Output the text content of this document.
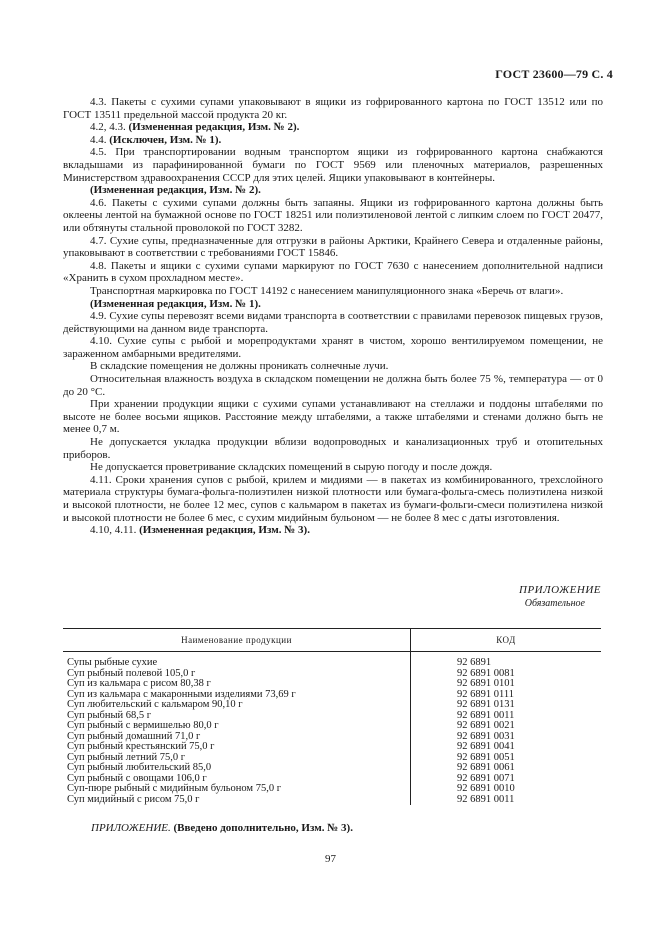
ГОСТ 23600—79 С. 4

4.3. Пакеты с сухими супами упаковывают в ящики из гофрированного картона по ГОСТ 13512 или по ГОСТ 13511 предельной массой продукта 20 кг.

4.2, 4.3. (Измененная редакция, Изм. № 2).

4.4. (Исключен, Изм. № 1).

4.5. При транспортировании водным транспортом ящики из гофрированного картона снабжаются вкладышами из парафинированной бумаги по ГОСТ 9569 или пленочных материалов, разрешенных Министерством здравоохранения СССР для этих целей. Ящики упаковывают в контейнеры.

(Измененная редакция, Изм. № 2).

4.6. Пакеты с сухими супами должны быть запаяны. Ящики из гофрированного картона должны быть оклеены лентой на бумажной основе по ГОСТ 18251 или полиэтиленовой лентой с липким слоем по ГОСТ 20477, или обтянуты стальной проволокой по ГОСТ 3282.

4.7. Сухие супы, предназначенные для отгрузки в районы Арктики, Крайнего Севера и отдаленные районы, упаковывают в соответствии с требованиями ГОСТ 15846.

4.8. Пакеты и ящики с сухими супами маркируют по ГОСТ 7630 с нанесением дополнительной надписи «Хранить в сухом прохладном месте».

Транспортная маркировка по ГОСТ 14192 с нанесением манипуляционного знака «Беречь от влаги».

(Измененная редакция, Изм. № 1).

4.9. Сухие супы перевозят всеми видами транспорта в соответствии с правилами перевозок пищевых грузов, действующими на данном виде транспорта.

4.10. Сухие супы с рыбой и морепродуктами хранят в чистом, хорошо вентилируемом помещении, не зараженном амбарными вредителями.

В складские помещения не должны проникать солнечные лучи.

Относительная влажность воздуха в складском помещении не должна быть более 75 %, температура — от 0 до 20 °С.

При хранении продукции ящики с сухими супами устанавливают на стеллажи и поддоны штабелями по высоте не более восьми ящиков. Расстояние между штабелями, а также штабелями и стенами должно быть не менее 0,7 м.

Не допускается укладка продукции вблизи водопроводных и канализационных труб и отопительных приборов.

Не допускается проветривание складских помещений в сырую погоду и после дождя.

4.11. Сроки хранения супов с рыбой, крилем и мидиями — в пакетах из комбинированного, трехслойного материала структуры бумага-фольга-полиэтилен низкой плотности или бумага-фольга-смесь полиэтилена низкой и высокой плотности, не более 12 мес, супов с кальмаром в пакетах из бумаги-фольги-смеси полиэтилена низкой и высокой плотности не более 6 мес, с сухим мидийным бульоном — не более 8 мес с даты изготовления.

4.10, 4.11. (Измененная редакция, Изм. № 3).

ПРИЛОЖЕНИЕ
Обязательное
Наименование продукции	КОД
Супы рыбные сухие	92 6891
Суп рыбный полевой 105,0 г	92 6891 0081
Суп из кальмара с рисом 80,38 г	92 6891 0101
Суп из кальмара с макаронными изделиями 73,69 г	92 6891 0111
Суп любительский с кальмаром 90,10 г	92 6891 0131
Суп рыбный 68,5 г	92 6891 0011
Суп рыбный с вермишелью 80,0 г	92 6891 0021
Суп рыбный домашний 71,0 г	92 6891 0031
Суп рыбный крестьянский 75,0 г	92 6891 0041
Суп рыбный летний 75,0 г	92 6891 0051
Суп рыбный любительский 85,0	92 6891 0061
Суп рыбный с овощами 106,0 г	92 6891 0071
Суп-пюре рыбный с мидийным бульоном 75,0 г	92 6891 0010
Суп мидийный с рисом 75,0 г	92 6891 0011
ПРИЛОЖЕНИЕ. (Введено дополнительно, Изм. № 3).
97
